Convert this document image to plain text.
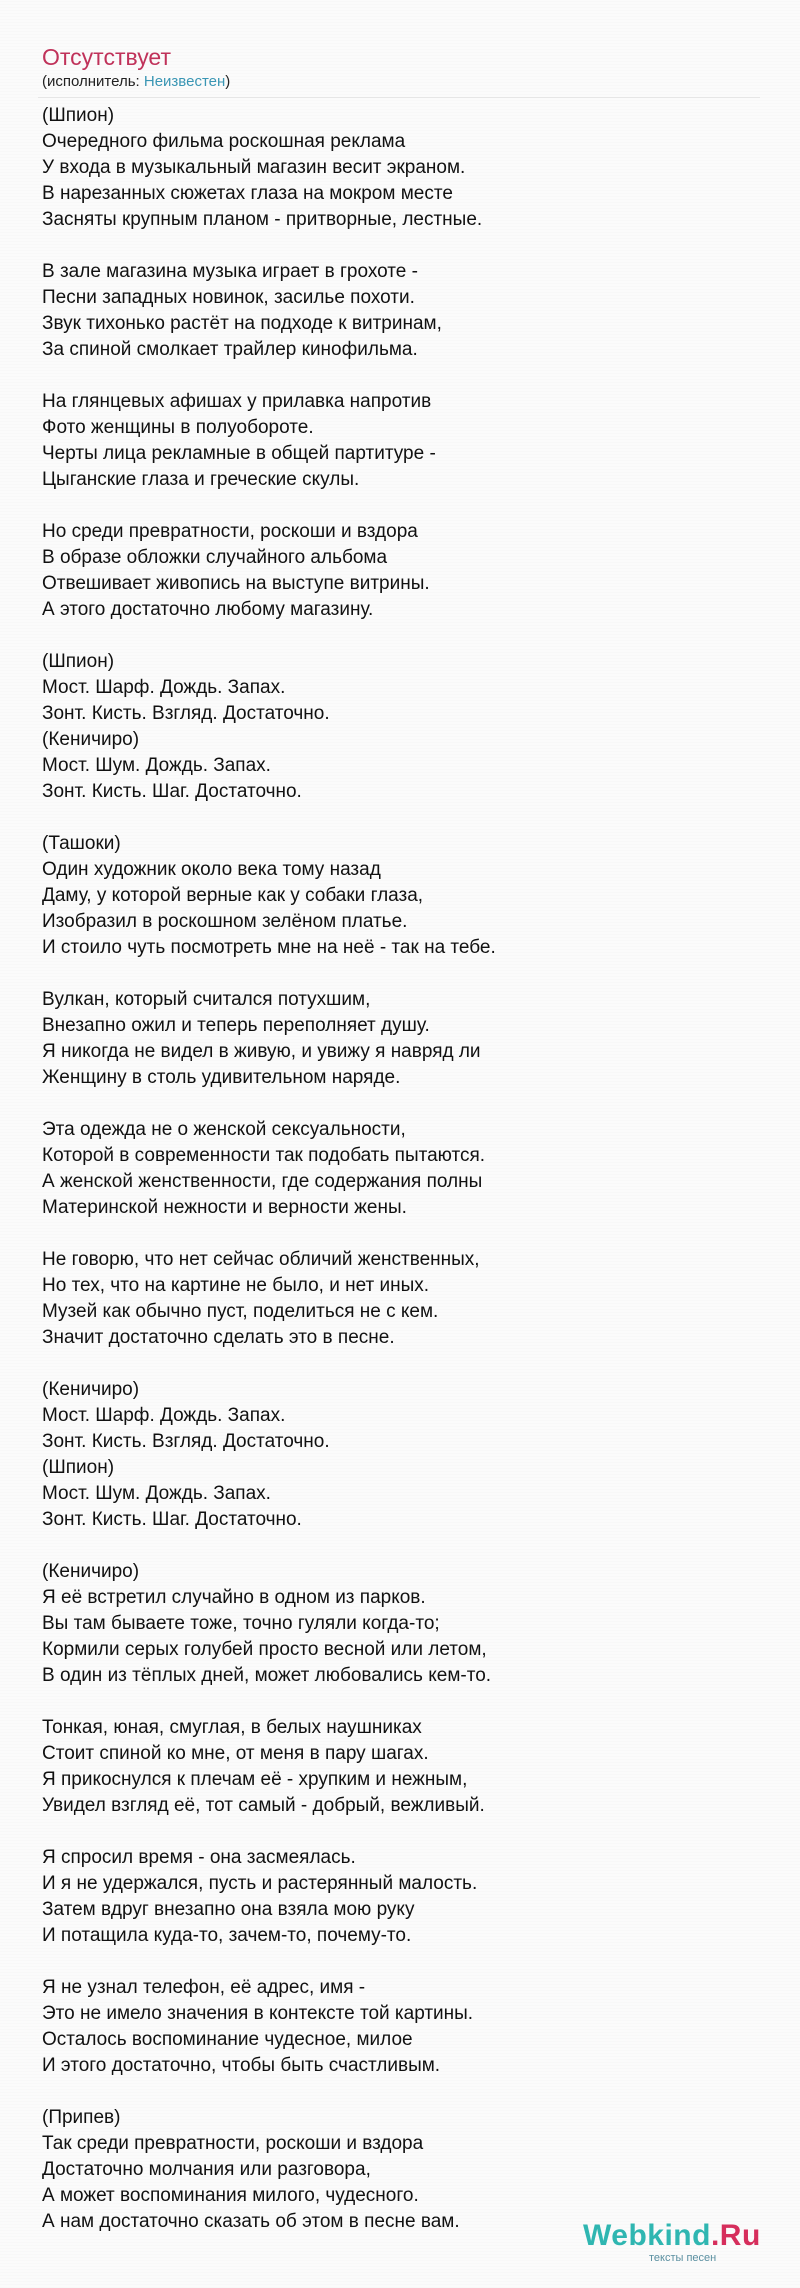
Отсутствует
(исполнитель: Неизвестен)
(Шпион)
Очередного фильма роскошная реклама
У входа в музыкальный магазин весит экраном.
В нарезанных сюжетах глаза на мокром месте
Засняты крупным планом - притворные, лестные.

В зале магазина музыка играет в грохоте -
Песни западных новинок, засилье похоти.
Звук тихонько растёт на подходе к витринам,
За спиной смолкает трайлер кинофильма.

На глянцевых афишах у прилавка напротив
Фото женщины в полуобороте.
Черты лица рекламные в общей партитуре -
Цыганские глаза и греческие скулы.

Но среди превратности, роскоши и вздора
В образе обложки случайного альбома
Отвешивает живопись на выступе витрины.
А этого достаточно любому магазину.

(Шпион)
Мост. Шарф. Дождь. Запах.
Зонт. Кисть. Взгляд. Достаточно.
(Кеничиро)
Мост. Шум. Дождь. Запах.
Зонт. Кисть. Шаг. Достаточно.

(Ташоки)
Один художник около века тому назад
Даму, у которой верные как у собаки глаза,
Изобразил в роскошном зелёном платье.
И стоило чуть посмотреть мне на неё - так на тебе.

Вулкан, который считался потухшим,
Внезапно ожил и теперь переполняет душу.
Я никогда не видел в живую, и увижу я навряд ли
Женщину в столь удивительном наряде.

Эта одежда не о женской сексуальности,
Которой в современности так подобать пытаются.
А женской женственности, где содержания полны
Материнской нежности и верности жены.

Не говорю, что нет сейчас обличий женственных,
Но тех, что на картине не было, и нет иных.
Музей как обычно пуст, поделиться не с кем.
Значит достаточно сделать это в песне.

(Кеничиро)
Мост. Шарф. Дождь. Запах.
Зонт. Кисть. Взгляд. Достаточно.
(Шпион)
Мост. Шум. Дождь. Запах.
Зонт. Кисть. Шаг. Достаточно.

(Кеничиро)
Я её встретил случайно в одном из парков.
Вы там бываете тоже, точно гуляли когда-то;
Кормили серых голубей просто весной или летом,
В один из тёплых дней, может любовались кем-то.

Тонкая, юная, смуглая, в белых наушниках
Стоит спиной ко мне, от меня в пару шагах.
Я прикоснулся к плечам её - хрупким и нежным,
Увидел взгляд её, тот самый - добрый, вежливый.

Я спросил время - она засмеялась.
И я не удержался, пусть и растерянный малость.
Затем вдруг внезапно она взяла мою руку
И потащила куда-то, зачем-то, почему-то.

Я не узнал телефон, её адрес, имя -
Это не имело значения в контексте той картины.
Осталось воспоминание чудесное, милое
И этого достаточно, чтобы быть счастливым.

(Припев)
Так среди превратности, роскоши и вздора
Достаточно молчания или разговора,
А может воспоминания милого, чудесного.
А нам достаточно сказать об этом в песне вам.	Webkind.Ru
тексты песен
